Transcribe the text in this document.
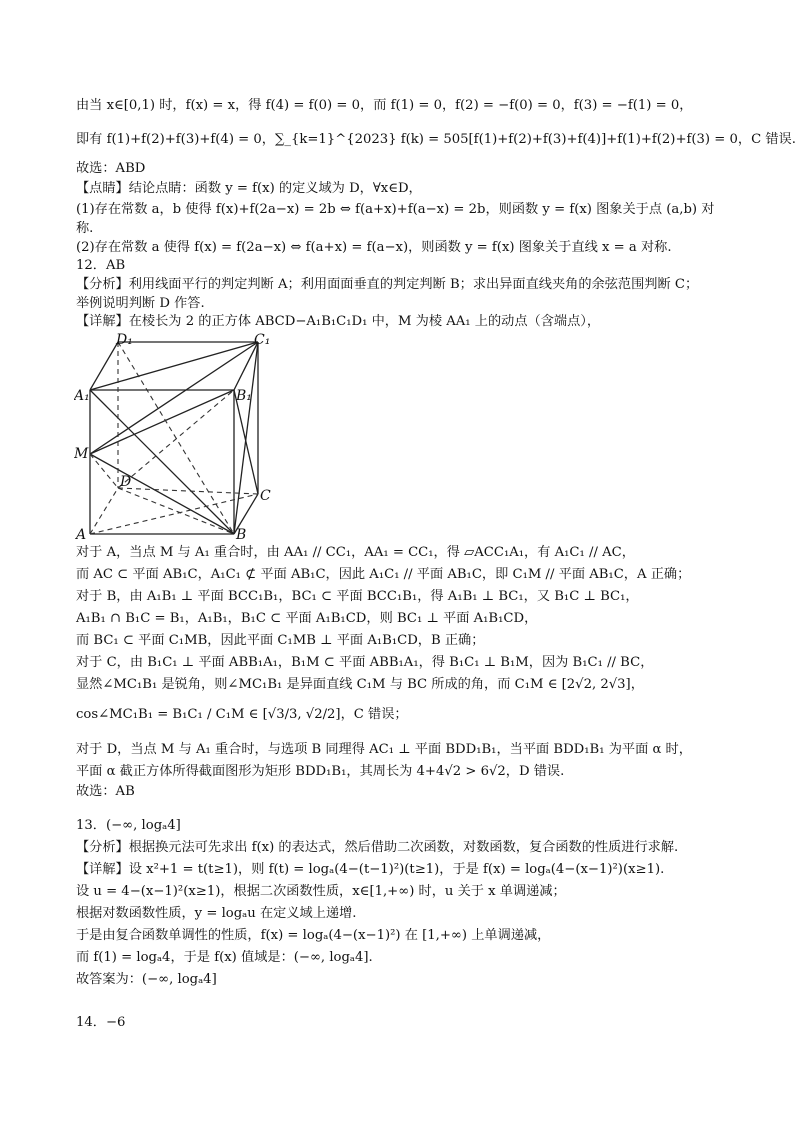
由当 x∈[0,1) 时，f(x) = x，得 f(4) = f(0) = 0，而 f(1) = 0，f(2) = −f(0) = 0，f(3) = −f(1) = 0，
即有 f(1)+f(2)+f(3)+f(4) = 0，∑_{k=1}^{2023} f(k) = 505[f(1)+f(2)+f(3)+f(4)]+f(1)+f(2)+f(3) = 0，C 错误.
故选：ABD
【点睛】结论点睛：函数 y = f(x) 的定义域为 D，∀x∈D，
(1)存在常数 a，b 使得 f(x)+f(2a−x) = 2b ⇔ f(a+x)+f(a−x) = 2b，则函数 y = f(x) 图象关于点 (a,b) 对
称.
(2)存在常数 a 使得 f(x) = f(2a−x) ⇔ f(a+x) = f(a−x)，则函数 y = f(x) 图象关于直线 x = a 对称.
12．AB
【分析】利用线面平行的判定判断 A；利用面面垂直的判定判断 B；求出异面直线夹角的余弦范围判断 C；
举例说明判断 D 作答.
【详解】在棱长为 2 的正方体 ABCD−A₁B₁C₁D₁ 中，M 为棱 AA₁ 上的动点（含端点），
A	B
C
D
A₁	B₁
C₁
D₁
M
对于 A，当点 M 与 A₁ 重合时，由 AA₁ // CC₁，AA₁ = CC₁，得 ▱ACC₁A₁，有 A₁C₁ // AC，
而 AC ⊂ 平面 AB₁C，A₁C₁ ⊄ 平面 AB₁C，因此 A₁C₁ // 平面 AB₁C，即 C₁M // 平面 AB₁C，A 正确；
对于 B，由 A₁B₁ ⊥ 平面 BCC₁B₁，BC₁ ⊂ 平面 BCC₁B₁，得 A₁B₁ ⊥ BC₁，又 B₁C ⊥ BC₁，
A₁B₁ ∩ B₁C = B₁，A₁B₁，B₁C ⊂ 平面 A₁B₁CD，则 BC₁ ⊥ 平面 A₁B₁CD，
而 BC₁ ⊂ 平面 C₁MB，因此平面 C₁MB ⊥ 平面 A₁B₁CD，B 正确；
对于 C，由 B₁C₁ ⊥ 平面 ABB₁A₁，B₁M ⊂ 平面 ABB₁A₁，得 B₁C₁ ⊥ B₁M，因为 B₁C₁ // BC，
显然∠MC₁B₁ 是锐角，则∠MC₁B₁ 是异面直线 C₁M 与 BC 所成的角，而 C₁M ∈ [2√2, 2√3]，
cos∠MC₁B₁ = B₁C₁ / C₁M ∈ [√3/3, √2/2]，C 错误；
对于 D，当点 M 与 A₁ 重合时，与选项 B 同理得 AC₁ ⊥ 平面 BDD₁B₁，当平面 BDD₁B₁ 为平面 α 时，
平面 α 截正方体所得截面图形为矩形 BDD₁B₁，其周长为 4+4√2 > 6√2，D 错误.
故选：AB
13．(−∞, logₐ4]
【分析】根据换元法可先求出 f(x) 的表达式，然后借助二次函数，对数函数，复合函数的性质进行求解.
【详解】设 x²+1 = t(t≥1)，则 f(t) = logₐ(4−(t−1)²)(t≥1)，于是 f(x) = logₐ(4−(x−1)²)(x≥1).
设 u = 4−(x−1)²(x≥1)，根据二次函数性质，x∈[1,+∞) 时，u 关于 x 单调递减；
根据对数函数性质，y = logₐu 在定义域上递增.
于是由复合函数单调性的性质，f(x) = logₐ(4−(x−1)²) 在 [1,+∞) 上单调递减，
而 f(1) = logₐ4，于是 f(x) 值域是：(−∞, logₐ4].
故答案为：(−∞, logₐ4]
14．−6
